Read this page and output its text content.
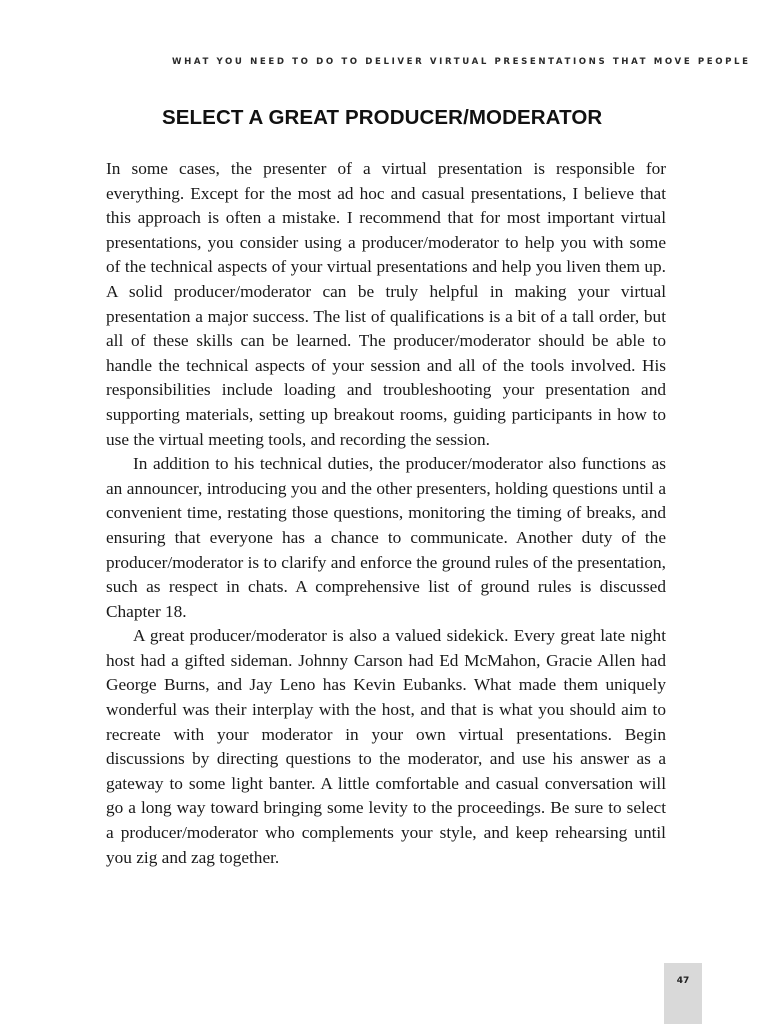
WHAT YOU NEED TO DO TO DELIVER VIRTUAL PRESENTATIONS THAT MOVE PEOPLE
SELECT A GREAT PRODUCER/MODERATOR

In some cases, the presenter of a virtual presentation is responsible for everything. Except for the most ad hoc and casual presentations, I believe that this approach is often a mistake. I recommend that for most important virtual presentations, you consider using a producer/moderator to help you with some of the technical aspects of your virtual presentations and help you liven them up. A solid producer/moderator can be truly helpful in making your virtual presentation a major success. The list of qualifications is a bit of a tall order, but all of these skills can be learned. The producer/moderator should be able to handle the technical aspects of your session and all of the tools involved. His responsibilities include loading and troubleshooting your presentation and supporting materials, setting up breakout rooms, guiding participants in how to use the virtual meeting tools, and recording the session.

In addition to his technical duties, the producer/moderator also functions as an announcer, introducing you and the other presenters, holding questions until a convenient time, restating those questions, monitoring the timing of breaks, and ensuring that everyone has a chance to communicate. Another duty of the producer/moderator is to clarify and enforce the ground rules of the presentation, such as respect in chats. A comprehensive list of ground rules is discussed Chapter 18.

A great producer/moderator is also a valued sidekick. Every great late night host had a gifted sideman. Johnny Carson had Ed McMahon, Gracie Allen had George Burns, and Jay Leno has Kevin Eubanks. What made them uniquely wonderful was their interplay with the host, and that is what you should aim to recreate with your moderator in your own virtual presentations. Begin discussions by directing questions to the moderator, and use his answer as a gateway to some light banter. A little comfortable and casual conversation will go a long way toward bringing some levity to the proceedings. Be sure to select a producer/moderator who complements your style, and keep rehearsing until you zig and zag together.

47
